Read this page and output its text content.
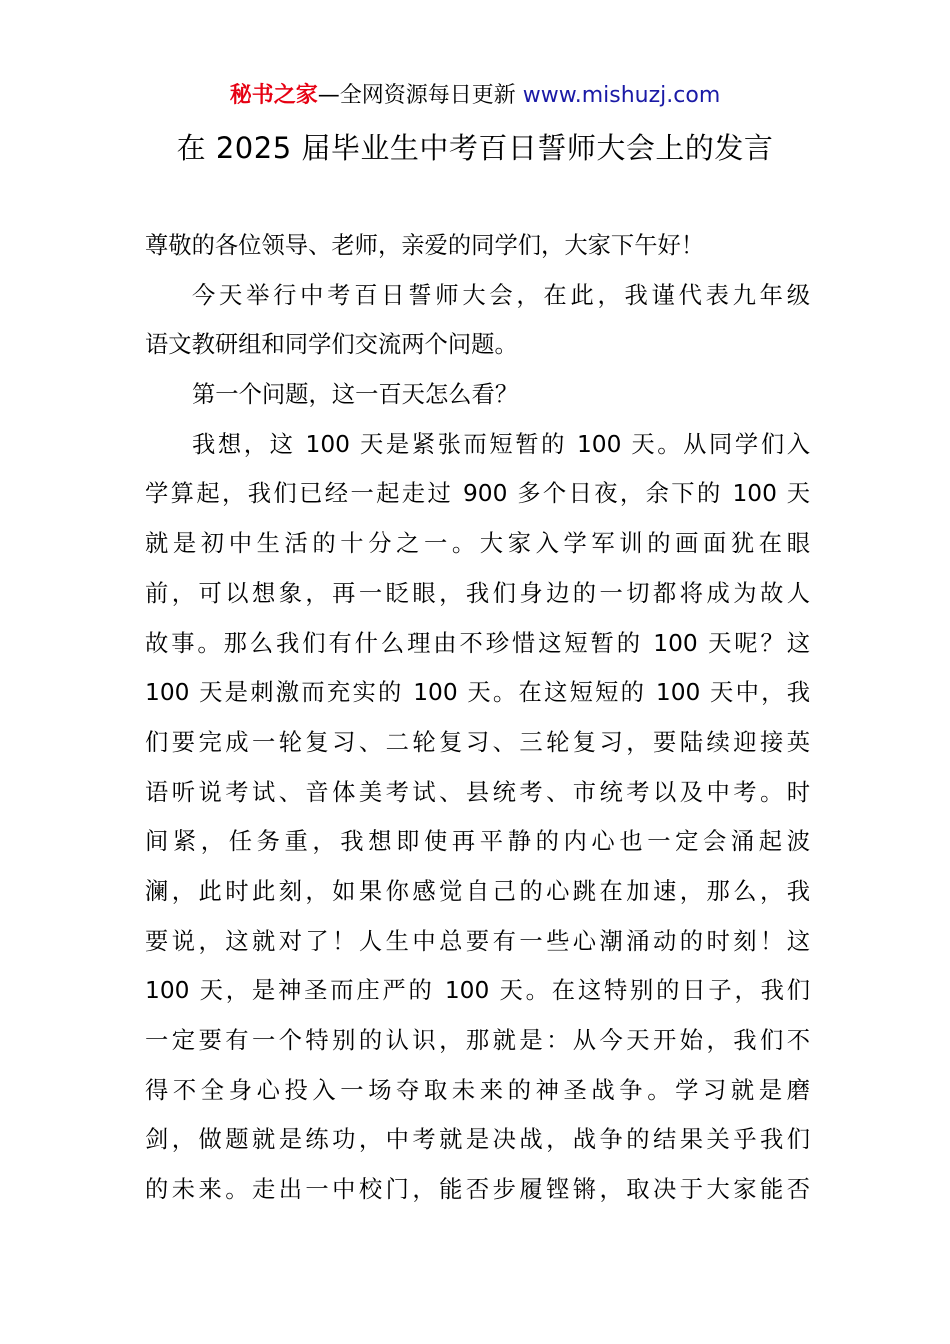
秘书之家—全网资源每日更新 www.mishuzj.com
在 2025 届毕业生中考百日誓师大会上的发言
尊敬的各位领导、老师，亲爱的同学们，大家下午好！
今天举行中考百日誓师大会，在此，我谨代表九年级
语文教研组和同学们交流两个问题。
第一个问题，这一百天怎么看？
我想，这 100 天是紧张而短暂的 100 天。从同学们入
学算起，我们已经一起走过 900 多个日夜，余下的 100 天
就是初中生活的十分之一。大家入学军训的画面犹在眼
前，可以想象，再一眨眼，我们身边的一切都将成为故人
故事。那么我们有什么理由不珍惜这短暂的 100 天呢？这
100 天是刺激而充实的 100 天。在这短短的 100 天中，我
们要完成一轮复习、二轮复习、三轮复习，要陆续迎接英
语听说考试、音体美考试、县统考、市统考以及中考。时
间紧，任务重，我想即使再平静的内心也一定会涌起波
澜，此时此刻，如果你感觉自己的心跳在加速，那么，我
要说，这就对了！人生中总要有一些心潮涌动的时刻！这
100 天，是神圣而庄严的 100 天。在这特别的日子，我们
一定要有一个特别的认识，那就是：从今天开始，我们不
得不全身心投入一场夺取未来的神圣战争。学习就是磨
剑，做题就是练功，中考就是决战，战争的结果关乎我们
的未来。走出一中校门，能否步履铿锵，取决于大家能否
